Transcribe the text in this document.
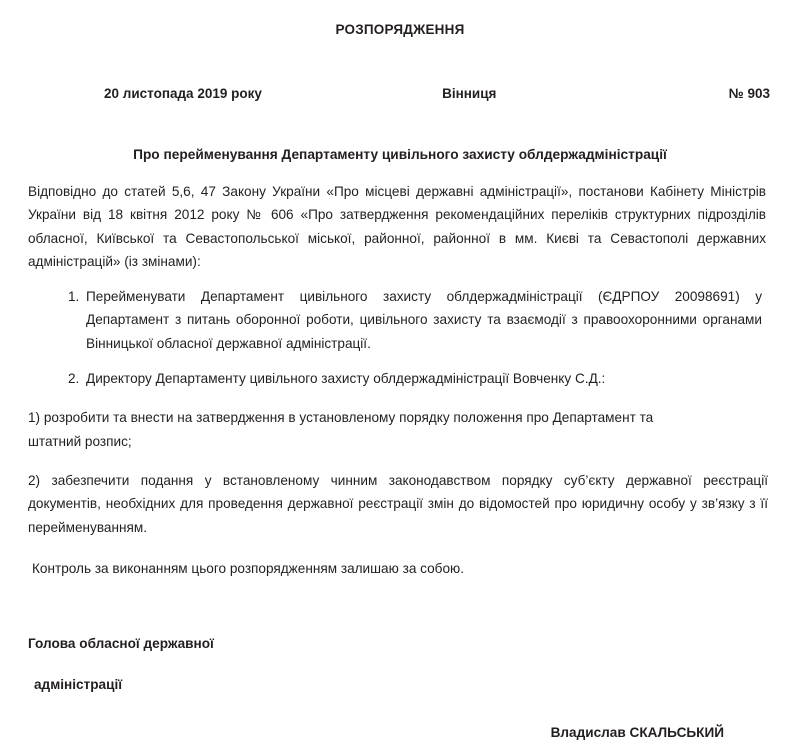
РОЗПОРЯДЖЕННЯ
20 листопада 2019 року	Вінниця	№ 903
Про перейменування Департаменту цивільного захисту облдержадміністрації

Відповідно до статей 5,6, 47 Закону України «Про місцеві державні адміністрації», постанови Кабінету Міністрів України від 18 квітня 2012 року № 606 «Про затвердження рекомендаційних переліків структурних підрозділів обласної, Київської та Севастопольської міської, районної, районної в мм. Києві та Севастополі державних адміністрацій» (із змінами):

1. Перейменувати Департамент цивільного захисту облдержадміністрації (ЄДРПОУ 20098691) у Департамент з питань оборонної роботи, цивільного захисту та взаємодії з правоохоронними органами Вінницької обласної державної адміністрації.
2. Директору Департаменту цивільного захисту облдержадміністрації Вовченку С.Д.:

1) розробити та внести на затвердження в установленому порядку положення про Департамент та
штатний розпис;

2) забезпечити подання у встановленому чинним законодавством порядку суб’єкту державної реєстрації документів, необхідних для проведення державної реєстрації змін до відомостей про юридичну особу у зв’язку з її перейменуванням.

Контроль за виконанням цього розпорядженням залишаю за собою.

Голова обласної державної
адміністрації
Владислав СКАЛЬСЬКИЙ
